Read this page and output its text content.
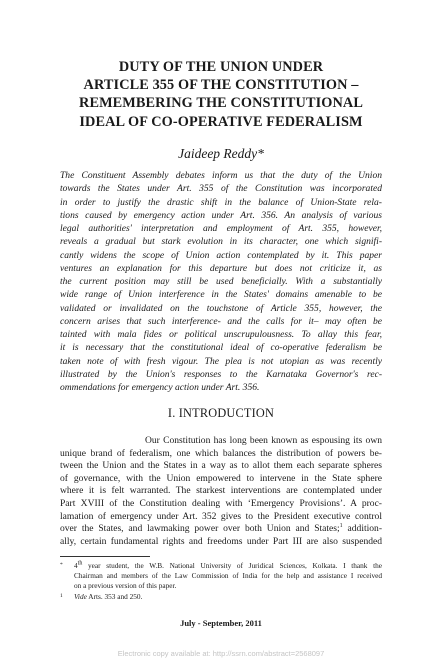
DUTY OF THE UNION UNDER
ARTICLE 355 OF THE CONSTITUTION –
REMEMBERING THE CONSTITUTIONAL
IDEAL OF CO-OPERATIVE FEDERALISM
Jaideep Reddy*
The Constituent Assembly debates inform us that the duty of the Union
towards the States under Art. 355 of the Constitution was incorporated
in order to justify the drastic shift in the balance of Union-State rela-
tions caused by emergency action under Art. 356. An analysis of various
legal authorities' interpretation and employment of Art. 355, however,
reveals a gradual but stark evolution in its character, one which signifi-
cantly widens the scope of Union action contemplated by it. This paper
ventures an explanation for this departure but does not criticize it, as
the current position may still be used beneficially. With a substantially
wide range of Union interference in the States' domains amenable to be
validated or invalidated on the touchstone of Article 355, however, the
concern arises that such interference- and the calls for it– may often be
tainted with mala fides or political unscrupulousness. To allay this fear,
it is necessary that the constitutional ideal of co-operative federalism be
taken note of with fresh vigour. The plea is not utopian as was recently
illustrated by the Union's responses to the Karnataka Governor's rec-
ommendations for emergency action under Art. 356.
I. INTRODUCTION
Our Constitution has long been known as espousing its own
unique brand of federalism, one which balances the distribution of powers be-
tween the Union and the States in a way as to allot them each separate spheres
of governance, with the Union empowered to intervene in the State sphere
where it is felt warranted. The starkest interventions are contemplated under
Part XVIII of the Constitution dealing with ‘Emergency Provisions’. A proc-
lamation of emergency under Art. 352 gives to the President executive control
over the States, and lawmaking power over both Union and States;$^1$ addition-
ally, certain fundamental rights and freedoms under Part III are also suspended
* 4th year student, the W.B. National University of Juridical Sciences, Kolkata. I thank the
Chairman and members of the Law Commission of India for the help and assistance I received
on a previous version of this paper.
1 Vide Arts. 353 and 250.
July - September, 2011
Electronic copy available at: http://ssrn.com/abstract=2568097
